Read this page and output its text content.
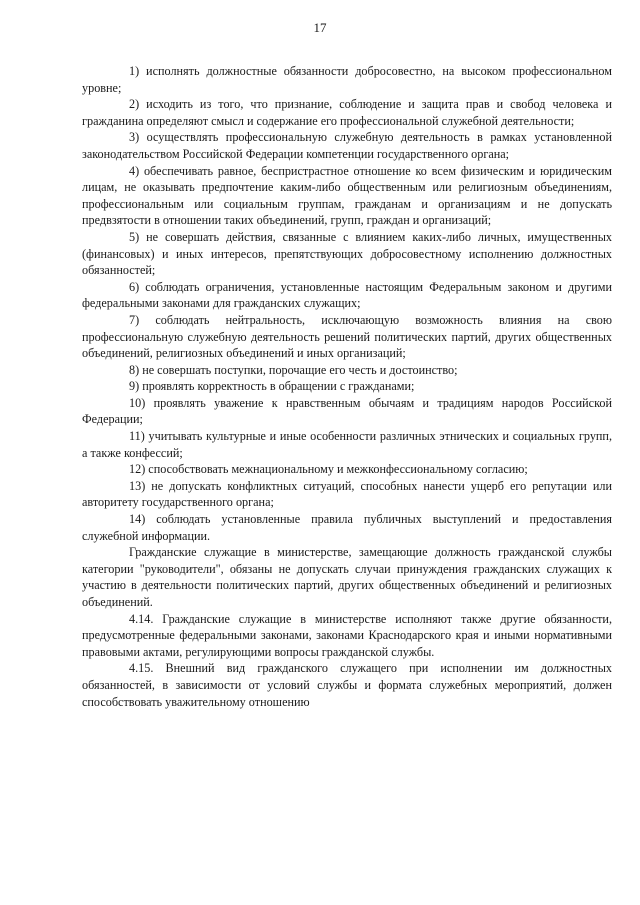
17

1) исполнять должностные обязанности добросовестно, на высоком профессиональном уровне;

2) исходить из того, что признание, соблюдение и защита прав и свобод человека и гражданина определяют смысл и содержание его профессиональной служебной деятельности;

3) осуществлять профессиональную служебную деятельность в рамках установленной законодательством Российской Федерации компетенции государственного органа;

4) обеспечивать равное, беспристрастное отношение ко всем физическим и юридическим лицам, не оказывать предпочтение каким-либо общественным или религиозным объединениям, профессиональным или социальным группам, гражданам и организациям и не допускать предвзятости в отношении таких объединений, групп, граждан и организаций;

5) не совершать действия, связанные с влиянием каких-либо личных, имущественных (финансовых) и иных интересов, препятствующих добросовестному исполнению должностных обязанностей;

6) соблюдать ограничения, установленные настоящим Федеральным законом и другими федеральными законами для гражданских служащих;

7) соблюдать нейтральность, исключающую возможность влияния на свою профессиональную служебную деятельность решений политических партий, других общественных объединений, религиозных объединений и иных организаций;

8) не совершать поступки, порочащие его честь и достоинство;

9) проявлять корректность в обращении с гражданами;

10) проявлять уважение к нравственным обычаям и традициям народов Российской Федерации;

11) учитывать культурные и иные особенности различных этнических и социальных групп, а также конфессий;

12) способствовать межнациональному и межконфессиональному согласию;

13) не допускать конфликтных ситуаций, способных нанести ущерб его репутации или авторитету государственного органа;

14) соблюдать установленные правила публичных выступлений и предоставления служебной информации.

Гражданские служащие в министерстве, замещающие должность гражданской службы категории "руководители", обязаны не допускать случаи принуждения гражданских служащих к участию в деятельности политических партий, других общественных объединений и религиозных объединений.

4.14. Гражданские служащие в министерстве исполняют также другие обязанности, предусмотренные федеральными законами, законами Краснодарского края и иными нормативными правовыми актами, регулирующими вопросы гражданской службы.

4.15. Внешний вид гражданского служащего при исполнении им должностных обязанностей, в зависимости от условий службы и формата служебных мероприятий, должен способствовать уважительному отношению
